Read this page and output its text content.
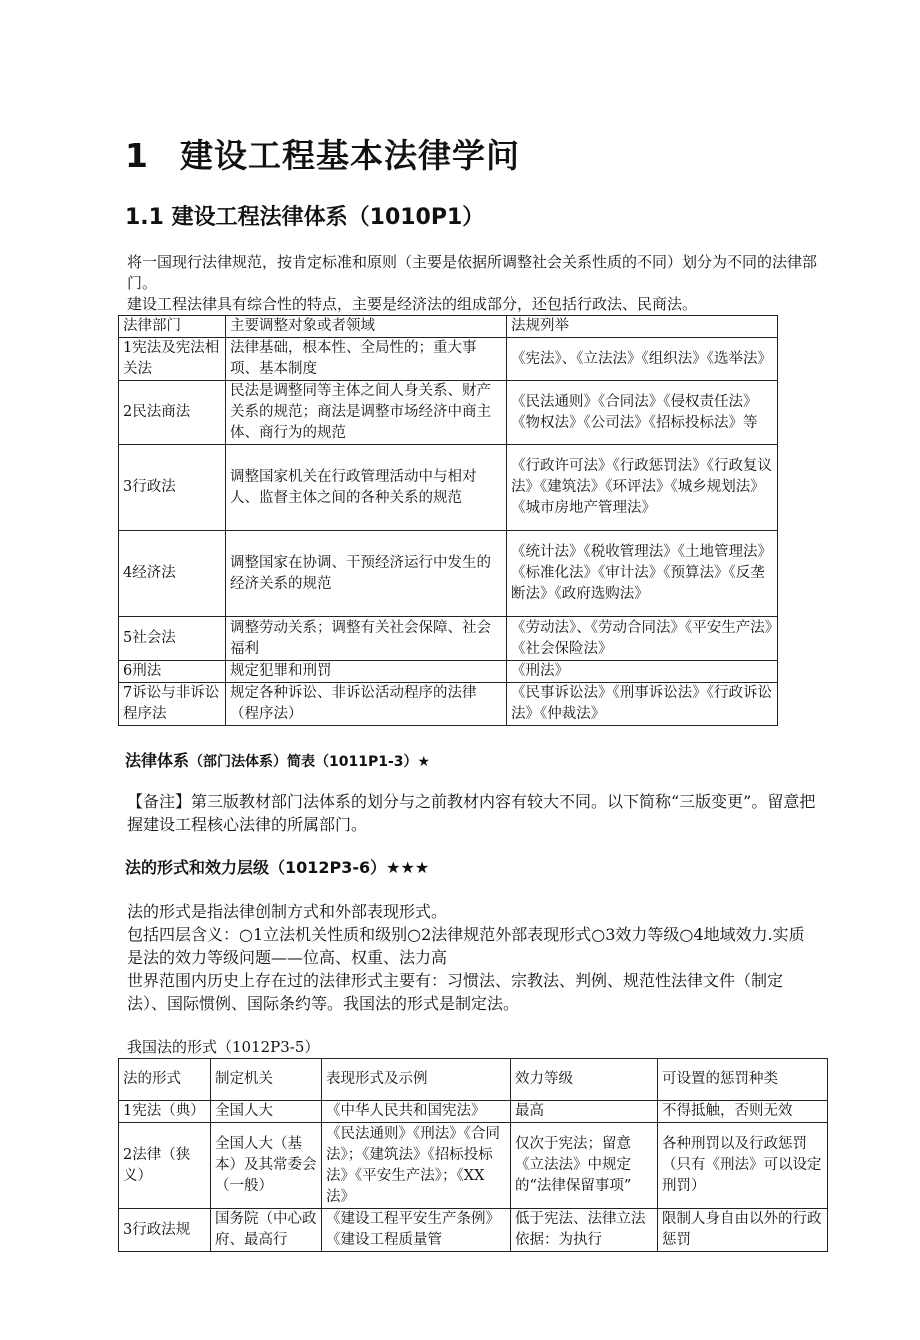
1 建设工程基本法律学问
1.1 建设工程法律体系（1010P1）

将一国现行法律规范，按肯定标准和原则（主要是依据所调整社会关系性质的不同）划分为不同的法律部门。

建设工程法律具有综合性的特点，主要是经济法的组成部分，还包括行政法、民商法。

法律部门	主要调整对象或者领域	法规列举
1宪法及宪法相关法	法律基础，根本性、全局性的；重大事项、基本制度	《宪法》、《立法法》《组织法》《选举法》
2民法商法	民法是调整同等主体之间人身关系、财产关系的规范；商法是调整市场经济中商主体、商行为的规范	《民法通则》《合同法》《侵权责任法》《物权法》《公司法》《招标投标法》等
3行政法	调整国家机关在行政管理活动中与相对人、监督主体之间的各种关系的规范	《行政许可法》《行政惩罚法》《行政复议法》《建筑法》《环评法》《城乡规划法》《城市房地产管理法》
4经济法	调整国家在协调、干预经济运行中发生的经济关系的规范	《统计法》《税收管理法》《土地管理法》《标准化法》《审计法》《预算法》《反垄断法》《政府选购法》
5社会法	调整劳动关系；调整有关社会保障、社会福利	《劳动法》、《劳动合同法》《平安生产法》《社会保险法》
6刑法	规定犯罪和刑罚	《刑法》
7诉讼与非诉讼程序法	规定各种诉讼、非诉讼活动程序的法律（程序法）	《民事诉讼法》《刑事诉讼法》《行政诉讼法》《仲裁法》
法律体系（部门法体系）简表（1011P1-3）★

【备注】第三版教材部门法体系的划分与之前教材内容有较大不同。以下简称“三版变更”。留意把握建设工程核心法律的所属部门。

法的形式和效力层级（1012P3-6）★★★

法的形式是指法律创制方式和外部表现形式。

包括四层含义：○1立法机关性质和级别○2法律规范外部表现形式○3效力等级○4地域效力.实质是法的效力等级问题——位高、权重、法力高

世界范围内历史上存在过的法律形式主要有：习惯法、宗教法、判例、规范性法律文件（制定法）、国际惯例、国际条约等。我国法的形式是制定法。

我国法的形式（1012P3-5）

法的形式	制定机关	表现形式及示例	效力等级	可设置的惩罚种类
1宪法（典）	全国人大	《中华人民共和国宪法》	最高	不得抵触，否则无效
2法律（狭义）	全国人大（基本）及其常委会（一般）	《民法通则》《刑法》《合同法》；《建筑法》《招标投标法》《平安生产法》；《XX法》	仅次于宪法；留意《立法法》中规定的“法律保留事项”	各种刑罚以及行政惩罚（只有《刑法》可以设定刑罚）
3行政法规	国务院（中心政府、最高行	《建设工程平安生产条例》《建设工程质量管	低于宪法、法律立法依据：为执行	限制人身自由以外的行政惩罚
